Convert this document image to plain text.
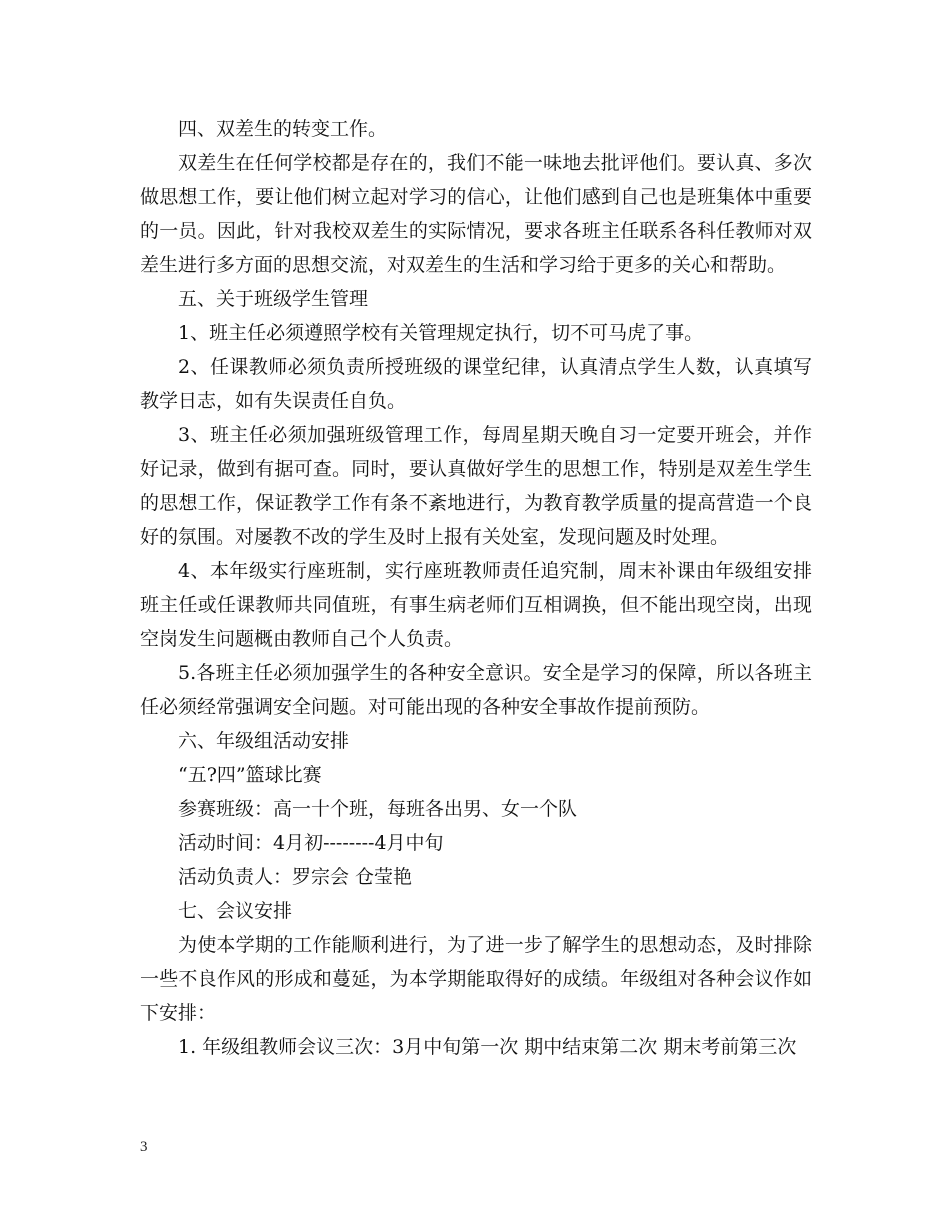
四、双差生的转变工作。

双差生在任何学校都是存在的，我们不能一味地去批评他们。要认真、多次做思想工作，要让他们树立起对学习的信心，让他们感到自己也是班集体中重要的一员。因此，针对我校双差生的实际情况，要求各班主任联系各科任教师对双差生进行多方面的思想交流，对双差生的生活和学习给于更多的关心和帮助。

五、关于班级学生管理

1、班主任必须遵照学校有关管理规定执行，切不可马虎了事。

2、任课教师必须负责所授班级的课堂纪律，认真清点学生人数，认真填写教学日志，如有失误责任自负。

3、班主任必须加强班级管理工作，每周星期天晚自习一定要开班会，并作好记录，做到有据可查。同时，要认真做好学生的思想工作，特别是双差生学生的思想工作，保证教学工作有条不紊地进行，为教育教学质量的提高营造一个良好的氛围。对屡教不改的学生及时上报有关处室，发现问题及时处理。

4、本年级实行座班制，实行座班教师责任追究制，周末补课由年级组安排班主任或任课教师共同值班，有事生病老师们互相调换，但不能出现空岗，出现空岗发生问题概由教师自己个人负责。

5.各班主任必须加强学生的各种安全意识。安全是学习的保障，所以各班主任必须经常强调安全问题。对可能出现的各种安全事故作提前预防。

六、年级组活动安排

“五?四”篮球比赛

参赛班级：高一十个班，每班各出男、女一个队

活动时间：4月初--------4月中旬

活动负责人：罗宗会 仓莹艳

七、会议安排

为使本学期的工作能顺利进行，为了进一步了解学生的思想动态，及时排除一些不良作风的形成和蔓延，为本学期能取得好的成绩。年级组对各种会议作如下安排：

1. 年级组教师会议三次：3月中旬第一次 期中结束第二次 期末考前第三次

3
